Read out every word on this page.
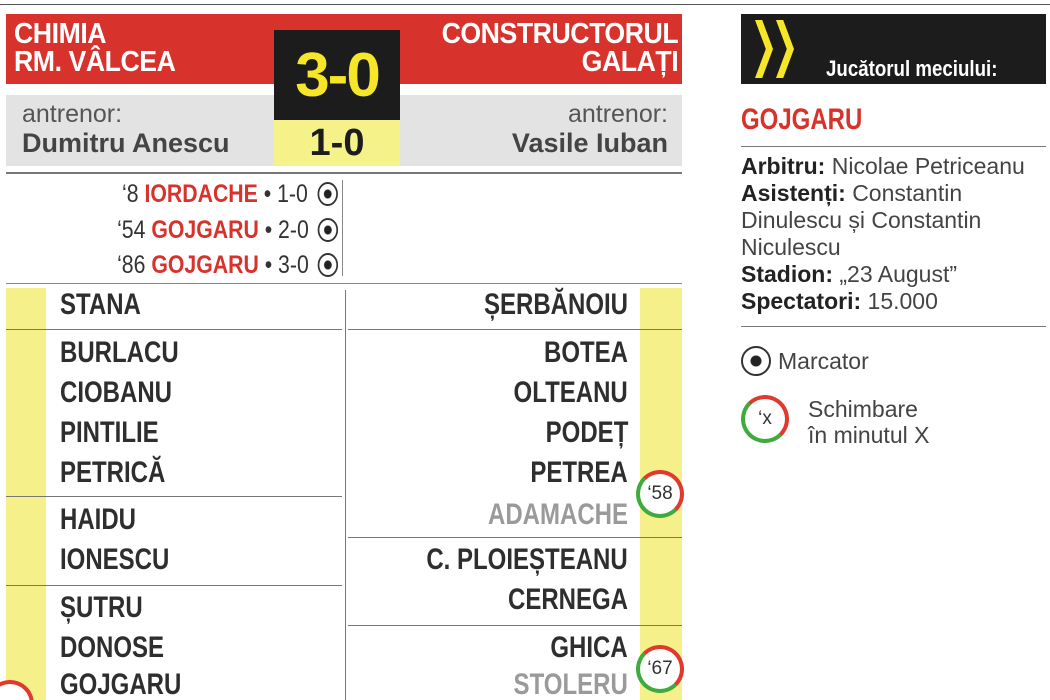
CHIMIA
RM. VÂLCEA
CONSTRUCTORUL
GALAȚI
antrenor:
Dumitru Anescu
antrenor:
Vasile Iuban
3-0
1-0
‘8 IORDACHE • 1-0
‘54 GOJGARU • 2-0
‘86 GOJGARU • 3-0
STANA
BURLACU
CIOBANU
PINTILIE
PETRICĂ
HAIDU
IONESCU
ȘUTRU
DONOSE
GOJGARU
ȘERBĂNOIU
BOTEA
OLTEANU
PODEȚ
PETREA
ADAMACHE
C. PLOIEȘTEANU
CERNEGA
GHICA
STOLERU
‘58
‘67
Jucătorul meciului:
GOJGARU
Arbitru: Nicolae Petriceanu
Asistenți: Constantin Dinulescu și Constantin Niculescu
Stadion: „23 August”
Spectatori: 15.000
Marcator
‘x	Schimbare
în minutul X
